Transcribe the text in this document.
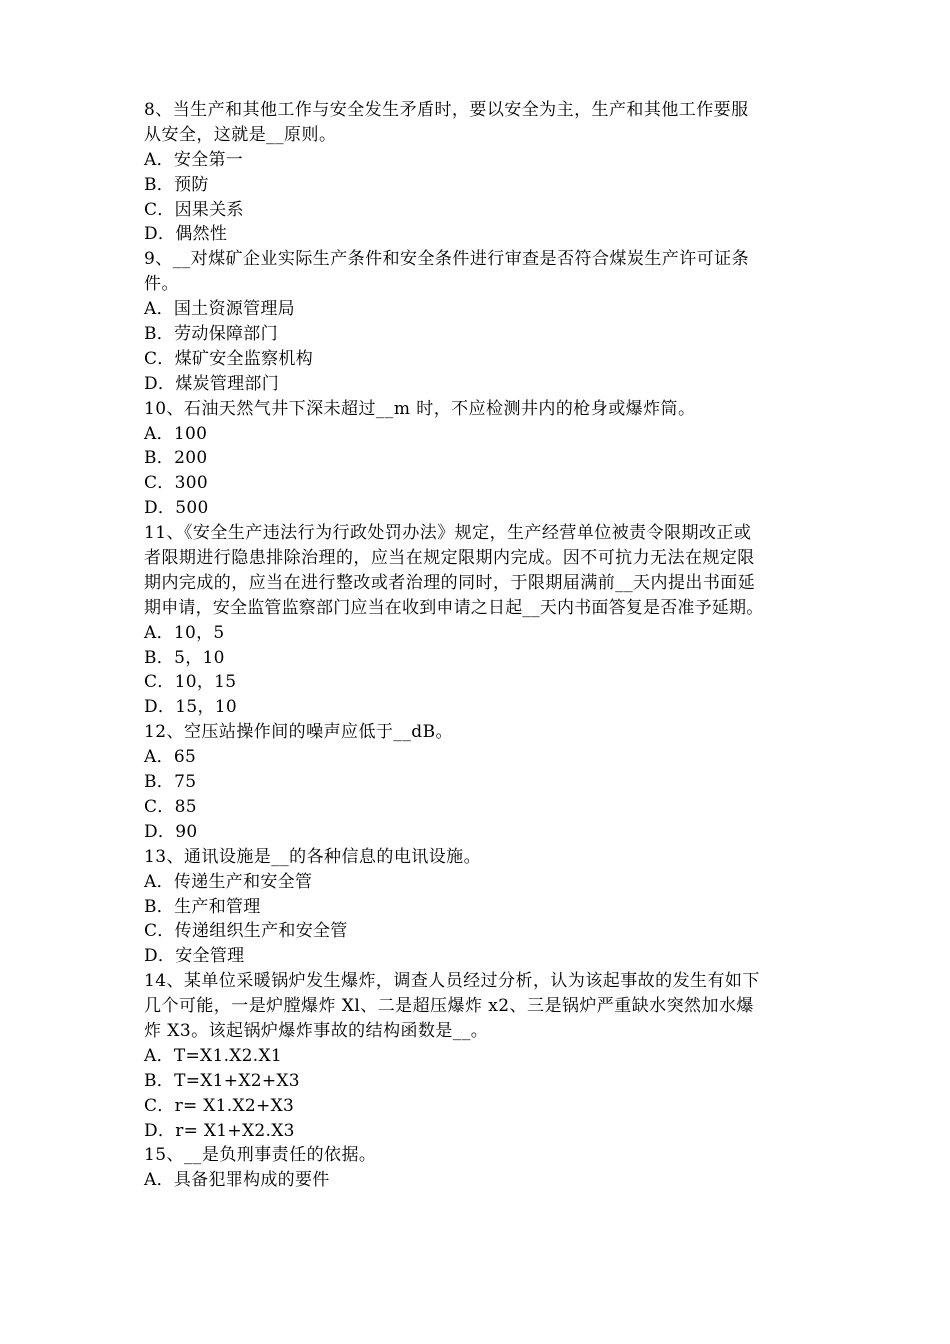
8、当生产和其他工作与安全发生矛盾时，要以安全为主，生产和其他工作要服
从安全，这就是__原则。
A．安全第一
B．预防
C．因果关系
D．偶然性
9、__对煤矿企业实际生产条件和安全条件进行审查是否符合煤炭生产许可证条
件。
A．国土资源管理局
B．劳动保障部门
C．煤矿安全监察机构
D．煤炭管理部门
10、石油天然气井下深未超过__m 时，不应检测井内的枪身或爆炸筒。
A．100
B．200
C．300
D．500
11、《安全生产违法行为行政处罚办法》规定，生产经营单位被责令限期改正或
者限期进行隐患排除治理的，应当在规定限期内完成。因不可抗力无法在规定限
期内完成的，应当在进行整改或者治理的同时，于限期届满前__天内提出书面延
期申请，安全监管监察部门应当在收到申请之日起__天内书面答复是否准予延期。
A．10，5
B．5，10
C．10，15
D．15，10
12、空压站操作间的噪声应低于__dB。
A．65
B．75
C．85
D．90
13、通讯设施是__的各种信息的电讯设施。
A．传递生产和安全管
B．生产和管理
C．传递组织生产和安全管
D．安全管理
14、某单位采暖锅炉发生爆炸，调查人员经过分析，认为该起事故的发生有如下
几个可能，一是炉膛爆炸 Xl、二是超压爆炸 x2、三是锅炉严重缺水突然加水爆
炸 X3。该起锅炉爆炸事故的结构函数是__。
A．T=X1.X2.X1
B．T=X1+X2+X3
C．r= X1.X2+X3
D．r= X1+X2.X3
15、__是负刑事责任的依据。
A．具备犯罪构成的要件
